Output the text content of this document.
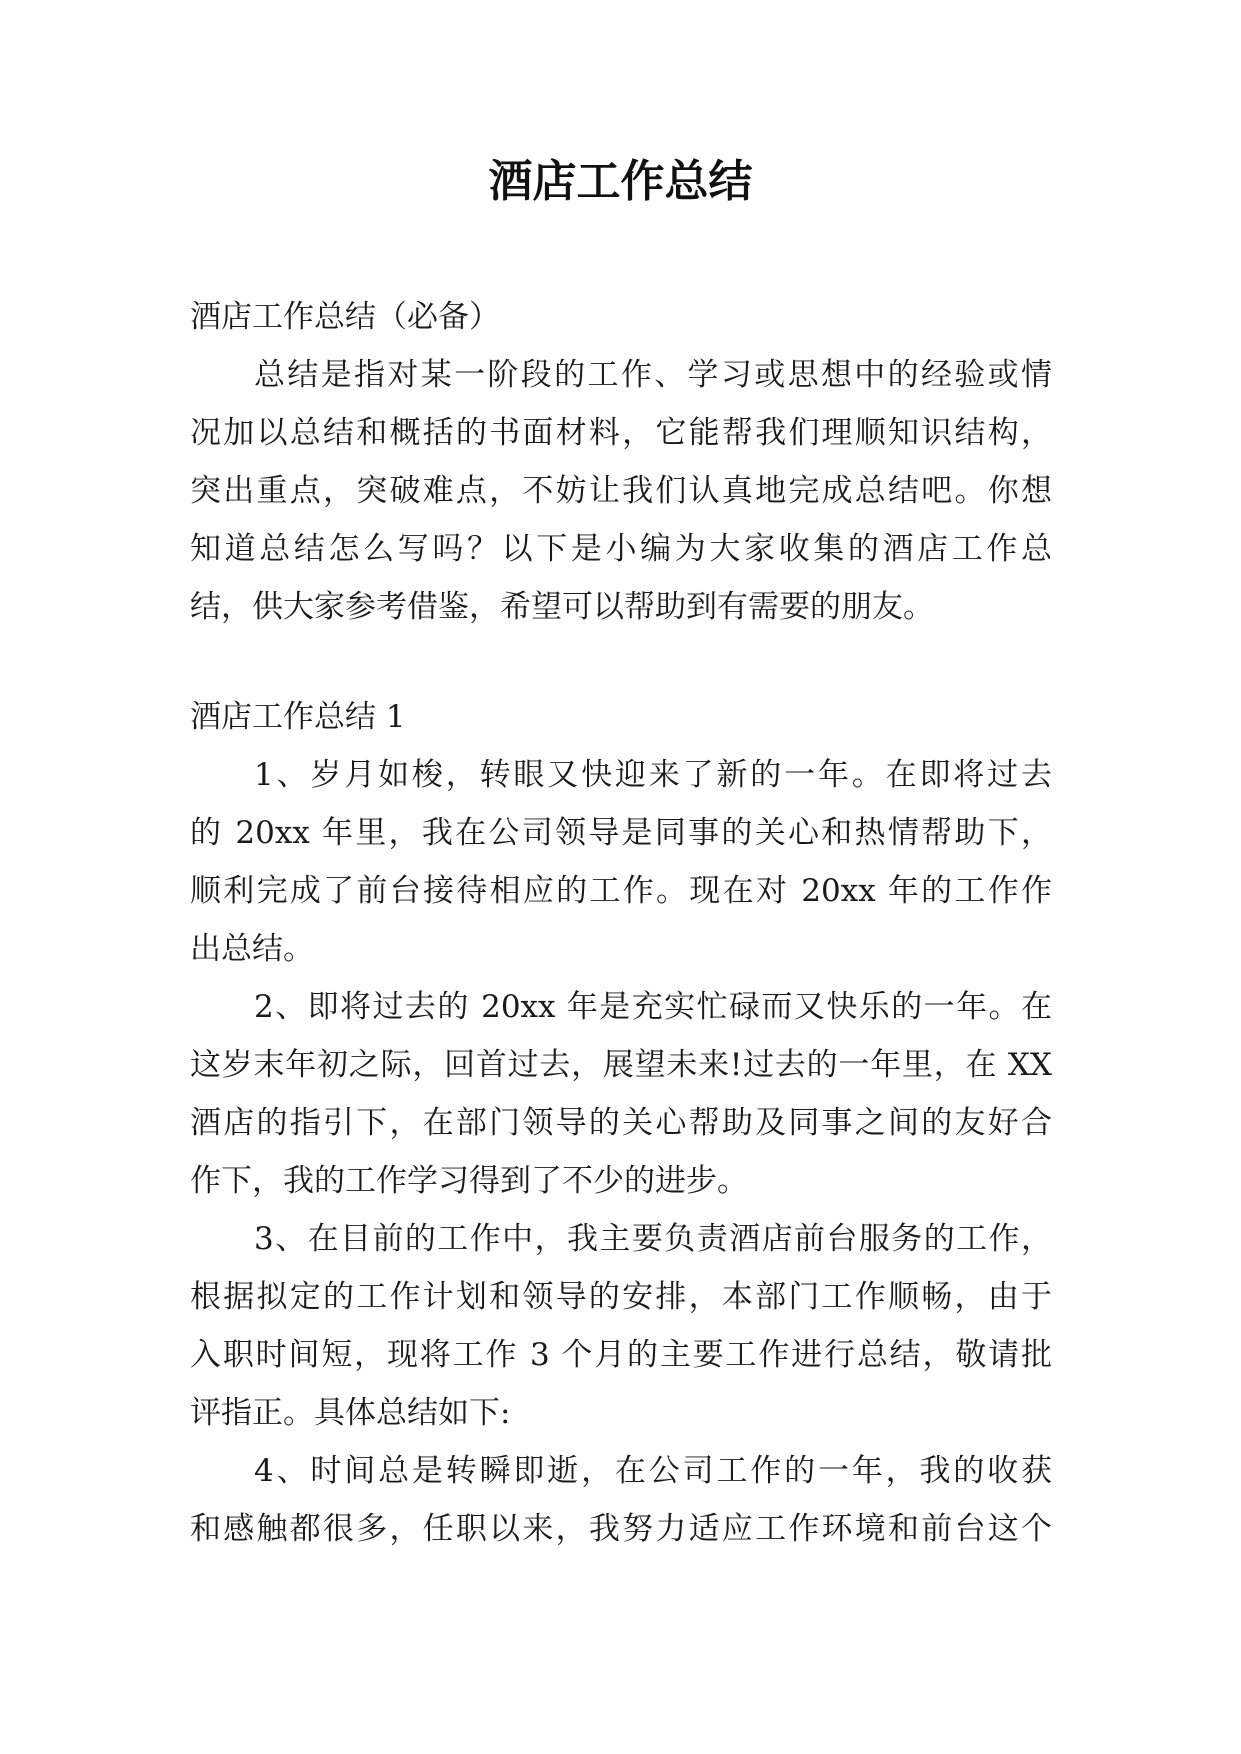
酒店工作总结
酒店工作总结（必备）
总结是指对某一阶段的工作、学习或思想中的经验或情
况加以总结和概括的书面材料，它能帮我们理顺知识结构，
突出重点，突破难点，不妨让我们认真地完成总结吧。你想
知道总结怎么写吗？以下是小编为大家收集的酒店工作总
结，供大家参考借鉴，希望可以帮助到有需要的朋友。
酒店工作总结 1
1、岁月如梭，转眼又快迎来了新的一年。在即将过去
的 20xx 年里，我在公司领导是同事的关心和热情帮助下，
顺利完成了前台接待相应的工作。现在对 20xx 年的工作作
出总结。
2、即将过去的 20xx 年是充实忙碌而又快乐的一年。在
这岁末年初之际，回首过去，展望未来!过去的一年里，在 XX
酒店的指引下，在部门领导的关心帮助及同事之间的友好合
作下，我的工作学习得到了不少的进步。
3、在目前的工作中，我主要负责酒店前台服务的工作，
根据拟定的工作计划和领导的安排，本部门工作顺畅，由于
入职时间短，现将工作 3 个月的主要工作进行总结，敬请批
评指正。具体总结如下:
4、时间总是转瞬即逝，在公司工作的一年，我的收获
和感触都很多，任职以来，我努力适应工作环境和前台这个
